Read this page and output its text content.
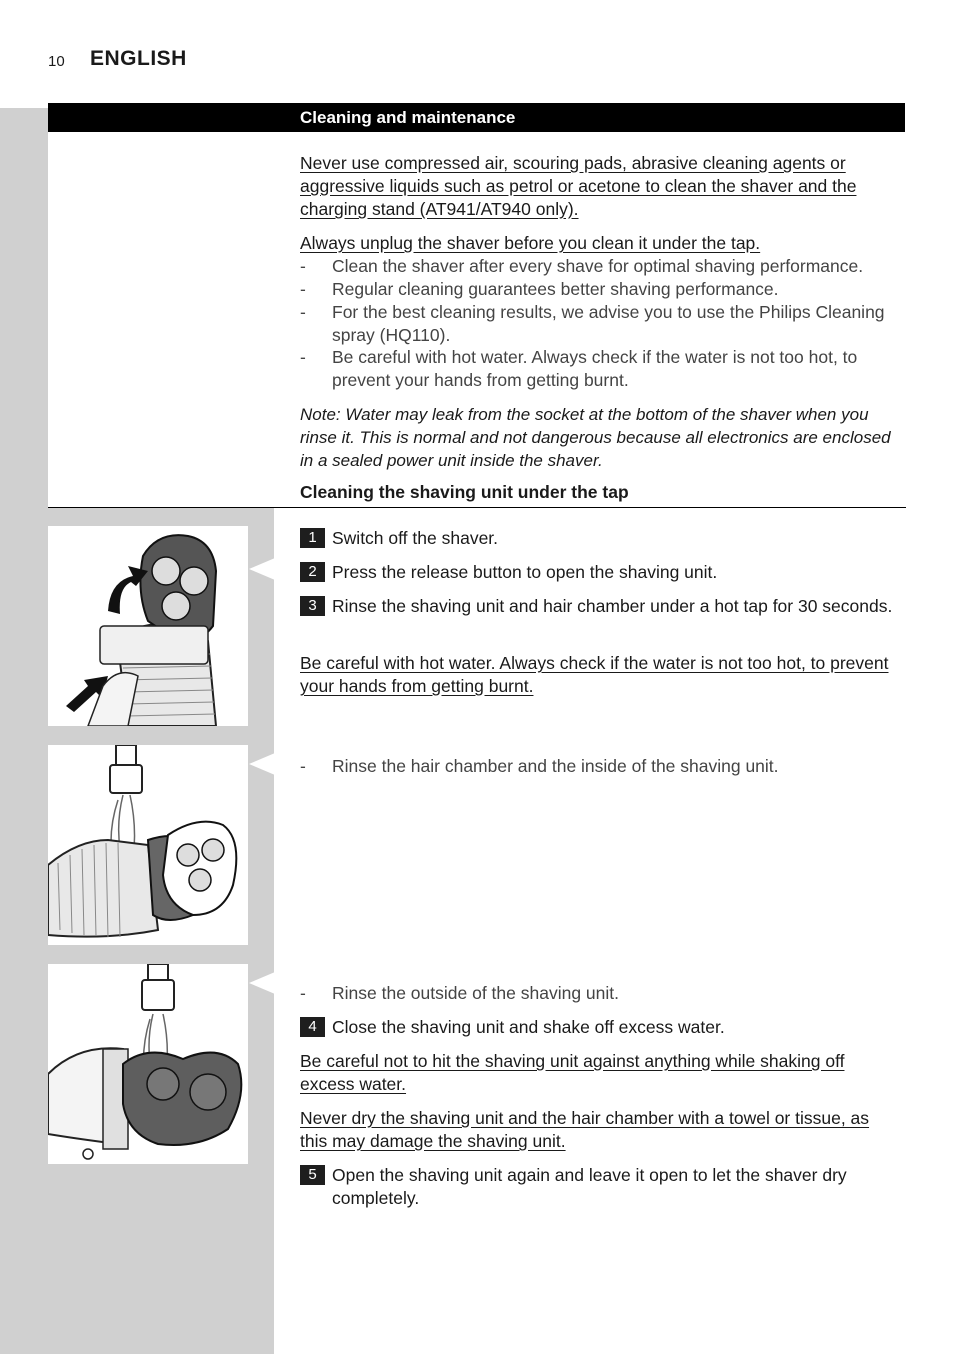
10 ENGLISH
Cleaning and maintenance
Never use compressed air, scouring pads, abrasive cleaning agents or aggressive liquids such as petrol or acetone to clean the shaver and the charging stand (AT941/AT940 only).
Always unplug the shaver before you clean it under the tap.
- Clean the shaver after every shave for optimal shaving performance.
- Regular cleaning guarantees better shaving performance.
- For the best cleaning results, we advise you to use the Philips Cleaning spray (HQ110).
- Be careful with hot water. Always check if the water is not too hot, to prevent your hands from getting burnt.
Note: Water may leak from the socket at the bottom of the shaver when you rinse it. This is normal and not dangerous because all electronics are enclosed in a sealed power unit inside the shaver.
Cleaning the shaving unit under the tap
1 Switch off the shaver.
2 Press the release button to open the shaving unit.
3 Rinse the shaving unit and hair chamber under a hot tap for 30 seconds.
Be careful with hot water. Always check if the water is not too hot, to prevent your hands from getting burnt.
- Rinse the hair chamber and the inside of the shaving unit.
- Rinse the outside of the shaving unit.
4 Close the shaving unit and shake off excess water.
Be careful not to hit the shaving unit against anything while shaking off excess water.
Never dry the shaving unit and the hair chamber with a towel or tissue, as this may damage the shaving unit.
5 Open the shaving unit again and leave it open to let the shaver dry completely.
